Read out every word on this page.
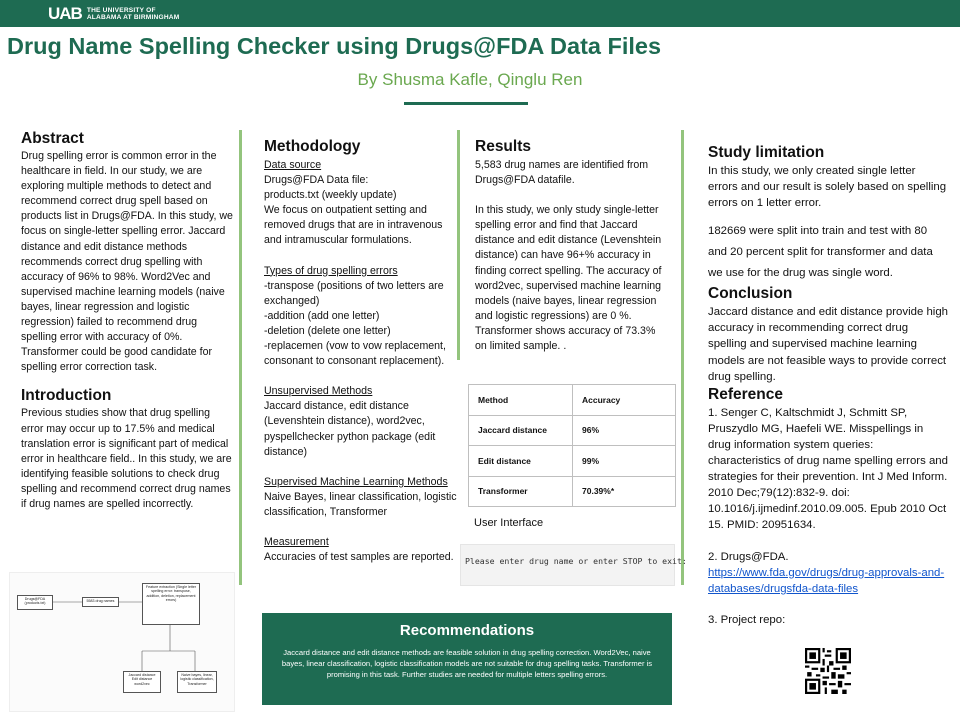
UAB THE UNIVERSITY OF
ALABAMA AT BIRMINGHAM
Drug Name Spelling Checker using Drugs@FDA Data Files
By Shusma Kafle, Qinglu Ren
Abstract

Drug spelling error is common error in the healthcare in field. In our study, we are exploring multiple methods to detect and recommend correct drug spell based on products list in Drugs@FDA. In this study, we focus on single-letter spelling error. Jaccard distance and edit distance methods recommends correct drug spelling with accuracy of 96% to 98%. Word2Vec and supervised machine learning models (naive bayes, linear regression and logistic regression) failed to recommend drug spelling error with accuracy of 0%. Transformer could be good candidate for spelling error correction task.

Introduction

Previous studies show that drug spelling error may occur up to 17.5% and medical translation error is significant part of medical error in healthcare field.. In this study, we are identifying feasible solutions to check drug spelling and recommend correct drug names if drug names are spelled incorrectly.

Drugs@FDA (products.txt)
5583 drug names
Feature extraction (Single letter spelling error: transpose, addition, deletion, replacement errors)
Jaccard distance Edit distance word2vec
Naive bayes, linear, logistic classification, Transformer
Methodology

Data source

Drugs@FDA Data file:

products.txt (weekly update)

We focus on outpatient setting and removed drugs that are in intravenous and intramuscular formulations.

Types of drug spelling errors

-transpose (positions of two letters are exchanged)

-addition (add one letter)

-deletion (delete one letter)

-replacemen (vow to vow replacement, consonant to consonant replacement).

Unsupervised Methods

Jaccard distance, edit distance (Levenshtein distance), word2vec, pyspellchecker python package (edit distance)

Supervised Machine Learning Methods

Naive Bayes, linear classification, logistic classification, Transformer

Measurement

Accuracies of test samples are reported.

Results

5,583 drug names are identified from Drugs@FDA datafile.

In this study, we only study single-letter spelling error and find that Jaccard distance and edit distance (Levenshtein distance) can have 96+% accuracy in finding correct spelling. The accuracy of word2vec, supervised machine learning models (naive bayes, linear regression and logistic regressions) are 0 %. Transformer shows accuracy of 73.3% on limited sample. .

Method	Accuracy
Jaccard distance	96%
Edit distance	99%
Transformer	70.39%*
User Interface
Please enter drug name or enter STOP to exit:
Recommendations

Jaccard distance and edit distance methods are feasible solution in drug spelling correction. Word2Vec, naive bayes, linear classification, logistic classification models are not suitable for drug spelling tasks. Transformer is promising in this task. Further studies are needed for multiple letters spelling errors.

Study limitation

In this study, we only created single letter errors and our result is solely based on spelling errors on 1 letter error.

182669 were split into train and test with 80 and 20 percent split for transformer and data we use for the drug was single word.

Conclusion

Jaccard distance and edit distance provide high accuracy in recommending correct drug spelling and supervised machine learning models are not feasible ways to provide correct drug spelling.

Reference

1. Senger C, Kaltschmidt J, Schmitt SP, Pruszydlo MG, Haefeli WE. Misspellings in drug information system queries: characteristics of drug name spelling errors and strategies for their prevention. Int J Med Inform. 2010 Dec;79(12):832-9. doi: 10.1016/j.ijmedinf.2010.09.005. Epub 2010 Oct 15. PMID: 20951634.

2. Drugs@FDA.

https://www.fda.gov/drugs/drug-approvals-and-databases/drugsfda-data-files

3. Project repo:
